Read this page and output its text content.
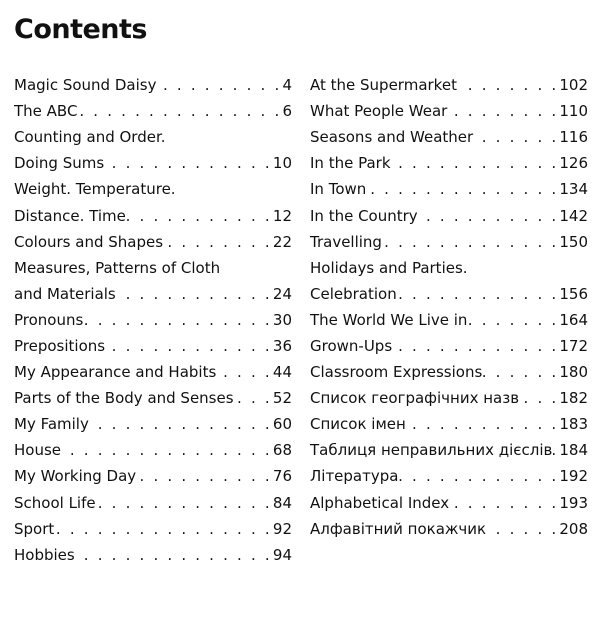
Contents
Magic Sound Daisy . . .	4
The ABC . . .	6
Counting and Order.
Doing Sums . . .	10
Weight. Temperature.
Distance. Time . . .	12
Colours and Shapes . . .	22
Measures, Patterns of Cloth
and Materials . . .	24
Pronouns . . .	30
Prepositions . . .	36
My Appearance and Habits . . .	44
Parts of the Body and Senses . . .	52
My Family . . .	60
House . . .	68
My Working Day . . .	76
School Life . . .	84
Sport . . .	92
Hobbies . . .	94
At the Supermarket . . .	102
What People Wear . . .	110
Seasons and Weather . . .	116
In the Park . . .	126
In Town . . .	134
In the Country . . .	142
Travelling . . .	150
Holidays and Parties.
Celebration . . .	156
The World We Live in . . .	164
Grown-Ups . . .	172
Classroom Expressions . . .	180
Список географічних назв . . .	182
Список імен . . .	183
Таблиця неправильних дієслів . . . 184
Література . . .	192
Alphabetical Index . . .	193
Алфавітний покажчик . . .	208
